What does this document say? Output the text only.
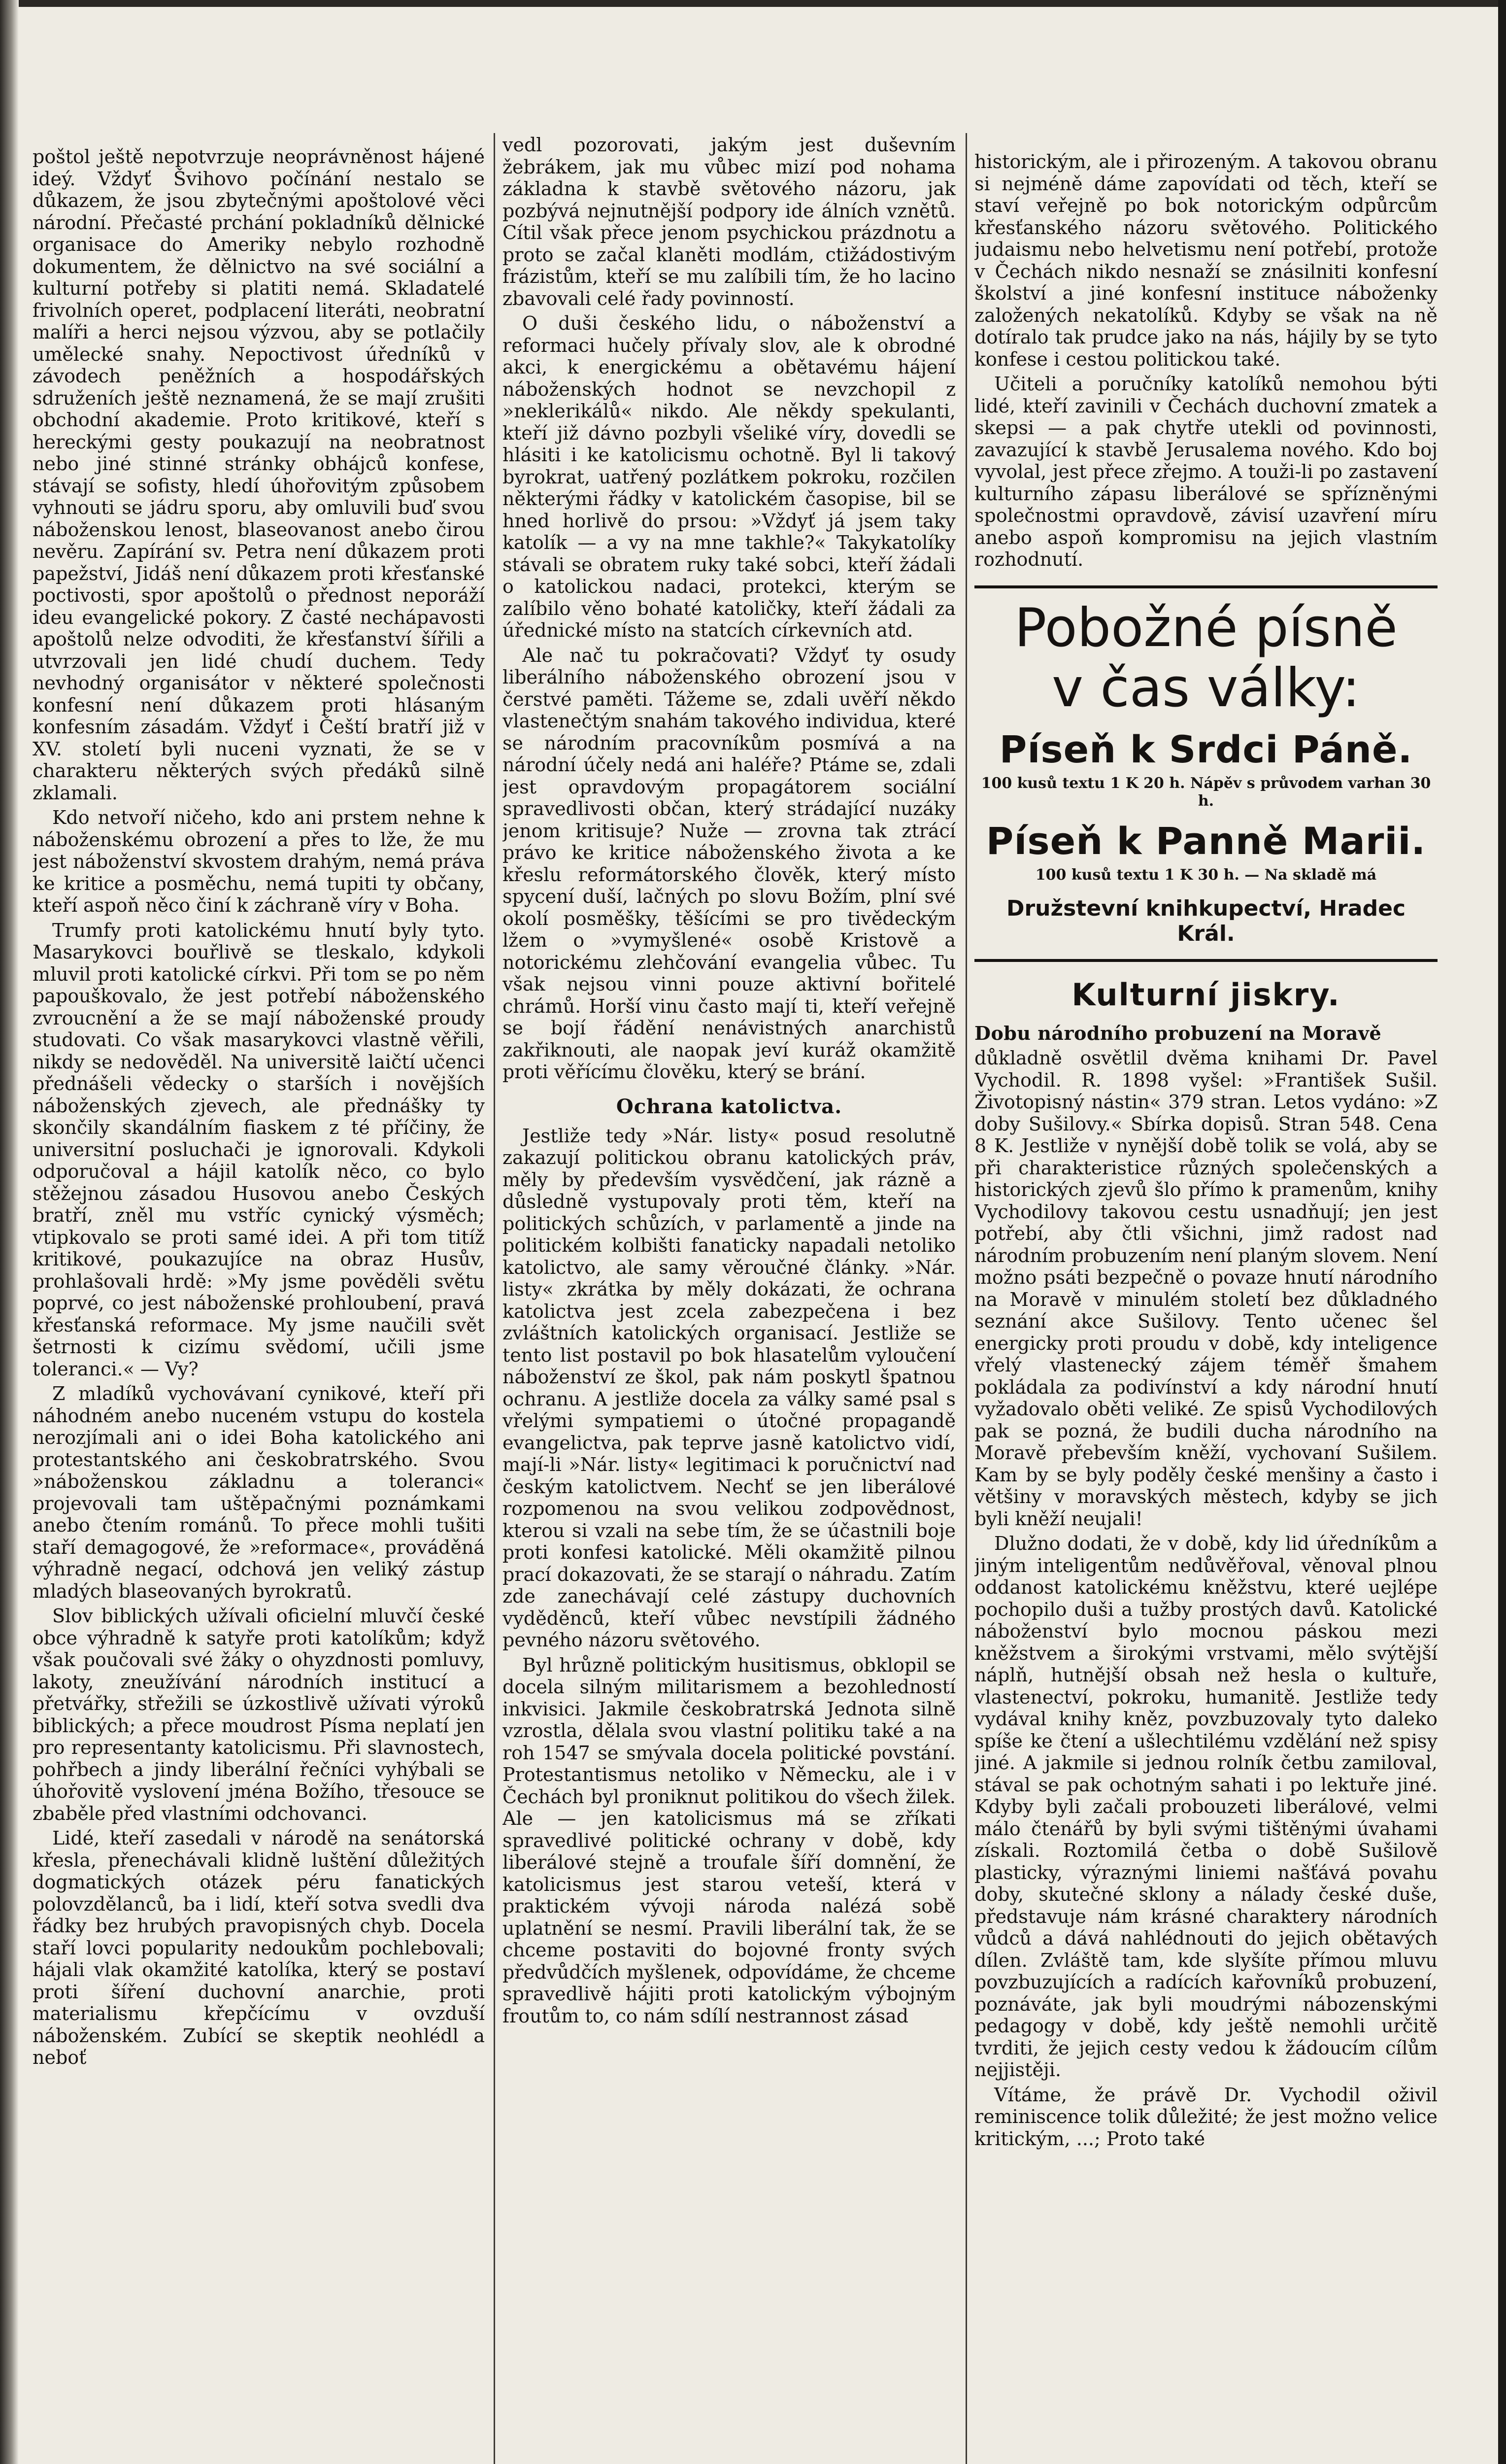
poštol ještě nepotvrzuje neoprávněnost hájené ideý. Vždyť Švihovo počínání nestalo se důkazem, že jsou zbytečnými apoštolové věci národní. Přečasté prchání pokladníků dělnické organisace do Ameriky nebylo rozhodně dokumentem, že dělnictvo na své sociální a kulturní potřeby si platiti nemá. Skladatelé frivolních operet, podplacení literáti, neobratní malíři a herci nejsou výzvou, aby se potlačily umělecké snahy. Nepoctivost úředníků v závodech peněžních a hospodářských sdruženích ještě neznamená, že se mají zrušiti obchodní akademie. Proto kritikové, kteří s hereckými gesty poukazují na neobratnost nebo jiné stinné stránky obhájců konfese, stávají se sofisty, hledí úhořovitým způsobem vyhnouti se jádru sporu, aby omluvili buď svou náboženskou lenost, blaseovanost anebo čirou nevěru. Zapírání sv. Petra není důkazem proti papežství, Jidáš není důkazem proti křesťanské poctivosti, spor apoštolů o přednost neporáží ideu evangelické pokory. Z časté nechápavosti apoštolů nelze odvoditi, že křesťanství šířili a utvrzovali jen lidé chudí duchem. Tedy nevhodný organisátor v některé společnosti konfesní není důkazem proti hlásaným konfesním zásadám. Vždyť i Čeští bratří již v XV. století byli nuceni vyznati, že se v charakteru některých svých předáků silně zklamali.

Kdo netvoří ničeho, kdo ani prstem nehne k náboženskému obrození a přes to lže, že mu jest náboženství skvostem drahým, nemá práva ke kritice a posměchu, nemá tupiti ty občany, kteří aspoň něco činí k záchraně víry v Boha.

Trumfy proti katolickému hnutí byly tyto. Masarykovci bouřlivě se tleskalo, kdykoli mluvil proti katolické církvi. Při tom se po něm papouškovalo, že jest potřebí náboženského zvroucnění a že se mají náboženské proudy studovati. Co však masarykovci vlastně věřili, nikdy se nedověděl. Na universitě laičtí učenci přednášeli vědecky o starších i novějších náboženských zjevech, ale přednášky ty skončily skandálním fiaskem z té příčiny, že universitní posluchači je ignorovali. Kdykoli odporučoval a hájil katolík něco, co bylo stěžejnou zásadou Husovou anebo Českých bratří, zněl mu vstříc cynický výsměch; vtipkovalo se proti samé idei. A při tom titíž kritikové, poukazujíce na obraz Husův, prohlašovali hrdě: »My jsme pověděli světu poprvé, co jest náboženské prohloubení, pravá křesťanská reformace. My jsme naučili svět šetrnosti k cizímu svědomí, učili jsme toleranci.« — Vy?

Z mladíků vychovávaní cynikové, kteří při náhodném anebo nuceném vstupu do kostela nerozjímali ani o idei Boha katolického ani protestantského ani českobratrského. Svou »náboženskou základnu a toleranci« projevovali tam uštěpačnými poznámkami anebo čtením románů. To přece mohli tušiti staří demagogové, že »reformace«, prováděná výhradně negací, odchová jen veliký zástup mladých blaseovaných byrokratů.

Slov biblických užívali oficielní mluvčí české obce výhradně k satyře proti katolíkům; když však poučovali své žáky o ohyzdnosti pomluvy, lakoty, zneužívání národních institucí a přetvářky, střežili se úzkostlivě užívati výroků biblických; a přece moudrost Písma neplatí jen pro representanty katolicismu. Při slavnostech, pohřbech a jindy liberální řečníci vyhýbali se úhořovitě vyslovení jména Božího, třesouce se zbaběle před vlastními odchovanci.

Lidé, kteří zasedali v národě na senátorská křesla, přenechávali klidně luštění důležitých dogmatických otázek péru fanatických polovzdělanců, ba i lidí, kteří sotva svedli dva řádky bez hrubých pravopisných chyb. Docela staří lovci popularity nedoukům pochlebovali; hájali vlak okamžité katolíka, který se postaví proti šíření duchovní anarchie, proti materialismu křepčícímu v ovzduší náboženském. Zubící se skeptik neohlédl a neboť

vedl pozorovati, jakým jest duševním žebrákem, jak mu vůbec mizí pod nohama základna k stavbě světového názoru, jak pozbývá nejnutnější podpory ide álních vznětů. Cítil však přece jenom psychickou prázdnotu a proto se začal klaněti modlám, ctižádostivým frázistům, kteří se mu zalíbili tím, že ho lacino zbavovali celé řady povinností.

O duši českého lidu, o náboženství a reformaci hučely přívaly slov, ale k obrodné akci, k energickému a obětavému hájení náboženských hodnot se nevzchopil z »neklerikálů« nikdo. Ale někdy spekulanti, kteří již dávno pozbyli všeliké víry, dovedli se hlásiti i ke katolicismu ochotně. Byl li takový byrokrat, uatřený pozlátkem pokroku, rozčilen některými řádky v katolickém časopise, bil se hned horlivě do prsou: »Vždyť já jsem taky katolík — a vy na mne takhle?« Takykatolíky stávali se obratem ruky také sobci, kteří žádali o katolickou nadaci, protekci, kterým se zalíbilo věno bohaté katoličky, kteří žádali za úřednické místo na statcích církevních atd.

Ale nač tu pokračovati? Vždyť ty osudy liberálního náboženského obrození jsou v čerstvé paměti. Tážeme se, zdali uvěří někdo vlastenečtým snahám takového individua, které se národním pracovníkům posmívá a na národní účely nedá ani haléře? Ptáme se, zdali jest opravdovým propagátorem sociální spravedlivosti občan, který strádající nuzáky jenom kritisuje? Nuže — zrovna tak ztrácí právo ke kritice náboženského života a ke křeslu reformátorského člověk, který místo spycení duší, lačných po slovu Božím, plní své okolí posměšky, těšícími se pro tivědeckým lžem o »vymyšlené« osobě Kristově a notorickému zlehčování evangelia vůbec. Tu však nejsou vinni pouze aktivní bořitelé chrámů. Horší vinu často mají ti, kteří veřejně se bojí řádění nenávistných anarchistů zakřiknouti, ale naopak jeví kuráž okamžitě proti věřícímu člověku, který se brání.

Ochrana katolictva.

Jestliže tedy »Nár. listy« posud resolutně zakazují politickou obranu katolických práv, měly by především vysvědčení, jak rázně a důsledně vystupovaly proti těm, kteří na politických schůzích, v parlamentě a jinde na politickém kolbišti fanaticky napadali netolikо katolictvo, ale samy věroučné články. »Nár. listy« zkrátka by měly dokázati, že ochrana katolictva jest zcela zabezpečena i bez zvláštních katolických organisací. Jestliže se tento list postavil po bok hlasatelům vyloučení náboženství ze škol, pak nám poskytl špatnou ochranu. A jestliže docela za války samé psal s vřelými sympatiemi o útočné propagandě evangelictva, pak teprve jasně katolictvo vidí, mají-li »Nár. listy« legitimaci k poručnictví nad českým katolictvem. Nechť se jen liberálové rozpomenou na svou velikou zodpovědnost, kterou si vzali na sebe tím, že se účastnili boje proti konfesi katolické. Měli okamžitě pilnou prací dokazovati, že se starají o náhradu. Zatím zde zanechávají celé zástupy duchovních vyděděnců, kteří vůbec nevstípili žádného pevného názoru světového.

Byl hrůzně politickým husitismus, obklopil se docela silným militarismem a bezohledností inkvisici. Jakmile českobratrská Jednota silně vzrostla, dělala svou vlastní politiku také a na roh 1547 se smývala docela politické povstání. Protestantismus netolikо v Německu, ale i v Čechách byl proniknut politikou do všech žilek. Ale — jen katolicismus má se zříkati spravedlivé politické ochrany v době, kdy liberálové stejně a troufale šíří domnění, že katolicismus jest starou veteší, která v praktickém vývoji národa nalézá sobě uplatnění se nesmí. Pravili liberální tak, že se chceme postaviti do bojovné fronty svých předvůdčích myšlenek, odpovídáme, že chceme spravedlivě hájiti proti katolickým výbojným froutům to, co nám sdílí nestrannost zásad

historickým, ale i přirozeným. A takovou obranu si nejméně dáme zapovídati od těch, kteří se staví veřejně po bok notorickým odpůrcům křesťanského názoru světového. Politického judaismu nebo helvetismu není potřebí, protože v Čechách nikdo nesnaží se znásilniti konfesní školství a jiné konfesní instituce náboženky založených nekatolíků. Kdyby se však na ně dotíralo tak prudce jako na nás, hájily by se tyto konfese i cestou politickou také.

Učiteli a poručníky katolíků nemohou býti lidé, kteří zavinili v Čechách duchovní zmatek a skepsi — a pak chytře utekli od povinnosti, zavazující k stavbě Jerusalema nového. Kdo boj vyvolal, jest přece zřejmo. A touži-li po zastavení kulturního zápasu liberálové se spřízněnými společnostmi opravdově, závisí uzavření míru anebo aspoň kompromisu na jejich vlastním rozhodnutí.

Pobožné písně

v čas války:

Píseň k Srdci Páně.

100 kusů textu 1 K 20 h. Nápěv s průvodem varhan 30 h.

Píseň k Panně Marii.

100 kusů textu 1 K 30 h. — Na skladě má

Družstevní knihkupectví, Hradec Král.
Kulturní jiskry.

Dobu národního probuzení na Moravě

důkladně osvětlil dvěma knihami Dr. Pavel Vychodil. R. 1898 vyšel: »František Sušil. Životopisný nástin« 379 stran. Letos vydáno: »Z doby Sušilovy.« Sbírka dopisů. Stran 548. Cena 8 K. Jestliže v nynější době tolik se volá, aby se při charakteristice různých společenských a historických zjevů šlo přímo k pramenům, knihy Vychodilovy takovou cestu usnadňují; jen jest potřebí, aby čtli všichni, jimž radost nad národním probuzením není planým slovem. Není možno psáti bezpečně o povaze hnutí národního na Moravě v minulém století bez důkladného seznání akce Sušilovy. Tento učenec šel energicky proti proudu v době, kdy inteligence vřelý vlastenecký zájem téměř šmahem pokládala za podivínství a kdy národní hnutí vyžadovalo oběti veliké. Ze spisů Vychodilových pak se pozná, že budili duchа národního na Moravě přebevším kněží, vychovaní Sušilem. Kam by se byly poděly české menšiny a často i většiny v moravských městech, kdyby se jich byli kněží neujali!

Dlužno dodati, že v době, kdy lid úředníkům a jiným inteligentům nedůvěřoval, věnoval plnou oddanost katolickému kněžstvu, které uejlépe pochopilo duši a tužby prostých davů. Katolické náboženství bylo mocnou páskou mezi kněžstvem a širokými vrstvami, mělo svýtější náplň, hutnější obsah než hesla o kultuře, vlastenectví, pokroku, humanitě. Jestliže tedy vydával knihy kněz, povzbuzovaly tyto daleko spíše ke čtení a ušlechtilému vzdělání než spisy jiné. A jakmile si jednou rolník četbu zamiloval, stával se pak ochotným sahati i po lektuře jiné. Kdyby byli začali probouzeti liberálové, velmi málo čtenářů by byli svými tištěnými úvahami získali. Roztomilá četba o době Sušilově plasticky, výraznými liniemi našťává povahu doby, skutečné sklony a nálady české duše, představuje nám krásné charaktery národních vůdců a dává nahlédnouti do jejich obětavých dílen. Zvláště tam, kde slyšíte přímou mluvu povzbuzujících a radících kařovníků probuzení, poznáváte, jak byli moudrými nábozenskými pedagogy v době, kdy ještě nemohli určitě tvrditi, že jejich cesty vedou k žádoucím cílům nejjistěji.

Vítáme, že právě Dr. Vychodil oživil reminiscence tolik důležité; že jest možno velice kritickým, ...; Proto také
